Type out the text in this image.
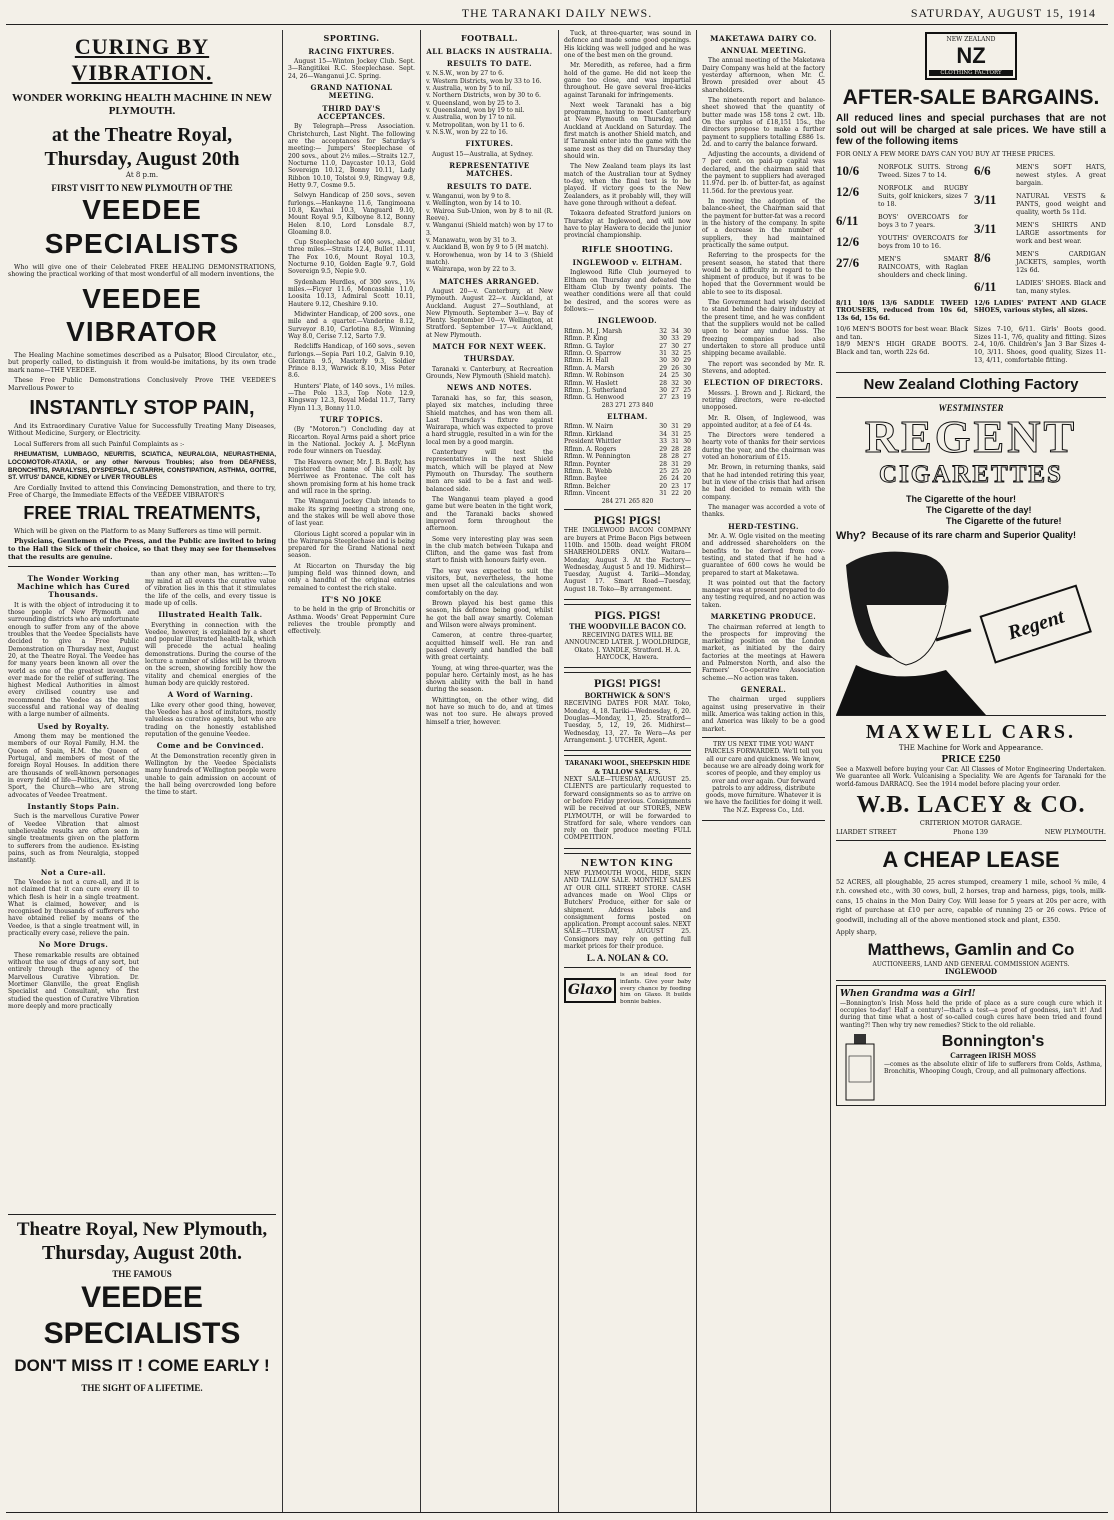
THE TARANAKI DAILY NEWS.	SATURDAY, AUGUST 15, 1914
CURING BY VIBRATION.
WONDER WORKING HEALTH MACHINE IN NEW PLYMOUTH.
at the Theatre Royal,
Thursday, August 20th
At 8 p.m.
FIRST VISIT TO NEW PLYMOUTH OF THE
VEEDEE SPECIALISTS

Who will give one of their Celebrated FREE HEALING DEMONSTRATIONS, showing the practical working of that most wonderful of all modern inventions, the

VEEDEE VIBRATOR

The Healing Machine sometimes described as a Pulsator, Blood Circulator, etc., but properly called, to distinguish it from would-be imitations, by its own trade mark name—THE VEEDEE.

These Free Public Demonstrations Conclusively Prove THE VEEDEE'S Marvellous Power to

INSTANTLY STOP PAIN,

And its Extraordinary Curative Value for Successfully Treating Many Diseases, Without Medicine, Surgery, or Electricity.

Local Sufferers from all such Painful Complaints as :-

RHEUMATISM, LUMBAGO, NEURITIS, SCIATICA, NEURALGIA, NEURASTHENIA, LOCOMOTOR-ATAXIA, or any other Nervous Troubles; also from DEAFNESS, BRONCHITIS, PARALYSIS, DYSPEPSIA, CATARRH, CONSTIPATION, ASTHMA, GOITRE, ST. VITUS' DANCE, KIDNEY or LIVER TROUBLES

Are Cordially Invited to attend this Convincing Demonstration, and there to try, Free of Charge, the Immediate Effects of the VEEDEE VIBRATOR'S

FREE TRIAL TREATMENTS,

Which will be given on the Platform to as Many Sufferers as time will permit.

Physicians, Gentlemen of the Press, and the Public are invited to bring to the Hall the Sick of their choice, so that they may see for themselves that the results are genuine.

The Wonder Working Machine which has Cured Thousands.

It is with the object of introducing it to those people of New Plymouth and surrounding districts who are unfortunate enough to suffer from any of the above troubles that the Veedee Specialists have decided to give a Free Public Demonstration on Thursday next, August 20, at the Theatre Royal. The Veedee has for many years been known all over the world as one of the greatest inventions ever made for the relief of suffering. The highest Medical Authorities in almost every civilised country use and recommend the Veedee as the most successful and rational way of dealing with a large number of ailments.

Used by Royalty.

Among them may be mentioned the members of our Royal Family, H.M. the Queen of Spain, H.M. the Queen of Portugal, and members of most of the foreign Royal Houses. In addition there are thousands of well-known personages in every field of life—Politics, Art, Music, Sport, the Church—who are strong advocates of Veedee Treatment.

Instantly Stops Pain.

Such is the marvellous Curative Power of Veedee Vibration that almost unbelievable results are often seen in single treatments given on the platform to sufferers from the audience. Ex-isting pains, such as from Neuralgia, stopped instantly.

Not a Cure-all.

The Veedee is not a cure-all, and it is not claimed that it can cure every ill to which flesh is heir in a single treatment. What is claimed, however, and is recognised by thousands of sufferers who have obtained relief by means of the Veedee, is that a single treatment will, in practically every case, relieve the pain.

No More Drugs.

These remarkable results are obtained without the use of drugs of any sort, but entirely through the agency of the Marvellous Curative Vibration. Dr. Mortimer Glanville, the great English Specialist and Consultant, who first studied the question of Curative Vibration more deeply and more practically

than any other man, has written:—To my mind at all events the curative value of vibration lies in this that it stimulates the life of the cells, and every tissue is made up of cells.

Illustrated Health Talk.

Everything in connection with the Veedee, however, is explained by a short and popular illustrated health-talk, which will precede the actual healing demonstrations. During the course of the lecture a number of slides will be thrown on the screen, showing forcibly how the vitality and chemical energies of the human body are quickly restored.

A Word of Warning.

Like every other good thing, however, the Veedee has a host of imitators, mostly valueless as curative agents, but who are trading on the honestly established reputation of the genuine Veedee.

Come and be Convinced.

At the Demonstration recently given in Wellington by the Veedee Specialists many hundreds of Wellington people were unable to gain admission on account of the hall being overcrowded long before the time to start.

Theatre Royal, New Plymouth,
Thursday, August 20th.
THE FAMOUS
VEEDEE SPECIALISTS
DON'T MISS IT ! COME EARLY !
THE SIGHT OF A LIFETIME.
SPORTING.
RACING FIXTURES.

August 15—Winton Jockey Club. Sept. 3—Rangitikei R.C. Steeplechase. Sept. 24, 26—Wanganui J.C. Spring.

GRAND NATIONAL MEETING.
THIRD DAY'S ACCEPTANCES.

By Telegraph—Press Association. Christchurch, Last Night. The following are the acceptances for Saturday's meeting:— Jumpers' Steeplechase of 200 sovs., about 2½ miles.—Straits 12.7, Nocturne 11.0, Daycaster 10.13, Gold Sovereign 10.12, Bonny 10.11, Lady Ribbon 10.10, Tolstoi 9.9, Ringway 9.8, Hetty 9.7, Cosme 9.5.

Selwyn Handicap of 250 sovs., seven furlongs.—Hankayne 11.6, Tangimoana 10.8, Kawhai 10.3, Vanguard 9.10, Mount Royal 9.5, Kilboyne 8.12, Bonny Helen 8.10, Lord Lonsdale 8.7, Gloaming 8.0.

Cup Steeplechase of 400 sovs., about three miles.—Straits 12.4, Bullet 11.11, The Fox 10.6, Mount Royal 10.3, Nocturne 9.10, Golden Eagle 9.7, Gold Sovereign 9.5, Nepie 9.0.

Sydenham Hurdles, of 300 sovs., 1¾ miles.—Ficyer 11.6, Moncasshie 11.0, Loosita 10.13, Admiral Scott 10.11, Hautere 9.12, Cheshire 9.10.

Midwinter Handicap, of 200 sovs., one mile and a quarter.—Vanderine 8.12, Surveyor 8.10, Carlotina 8.5, Winning Way 8.0, Cerise 7.12, Sarto 7.9.

Redcliffs Handicap, of 160 sovs., seven furlongs.—Sepia Pari 10.2, Galvin 9.10, Glentara 9.5, Masterly 9.3, Soldier Prince 8.13, Warwick 8.10, Miss Peter 8.6.

Hunters' Plate, of 140 sovs., 1½ miles.—The Pole 13.3, Top Note 12.9, Kingsway 12.3, Royal Medal 11.7, Tarry Flynn 11.3, Bonny 11.0.

TURF TOPICS.

(By "Motoron.") Concluding day at Riccarton. Royal Arms paid a short price in the National. Jockey A. J. McFlynn rode four winners on Tuesday.

The Hawera owner, Mr. J. B. Bayly, has registered the name of his colt by Merriwee as Frontenac. The colt has shown promising form at his home track and will race in the spring.

The Wanganui Jockey Club intends to make its spring meeting a strong one, and the stakes will be well above those of last year.

Glorious Light scored a popular win in the Wairarapa Steeplechase and is being prepared for the Grand National next season.

At Riccarton on Thursday the big jumping field was thinned down, and only a handful of the original entries remained to contest the rich stake.

IT'S NO JOKE

to be held in the grip of Bronchitis or Asthma. Woods' Great Peppermint Cure relieves the trouble promptly and effectively.

FOOTBALL.
ALL BLACKS IN AUSTRALIA.
RESULTS TO DATE.
v. N.S.W., won by 27 to 6.
v. Western Districts, won by 33 to 16.
v. Australia, won by 5 to nil.
v. Northern Districts, won by 30 to 6.
v. Queensland, won by 25 to 3.
v. Queensland, won by 19 to nil.
v. Australia, won by 17 to nil.
v. Metropolitan, won by 11 to 6.
v. N.S.W., won by 22 to 16.
FIXTURES.

August 15—Australia, at Sydney.

REPRESENTATIVE MATCHES.
RESULTS TO DATE.
v. Wanganui, won by 9 to 8.
v. Wellington, won by 14 to 10.
v. Wairoa Sub-Union, won by 8 to nil (R. Reeve).
v. Wanganui (Shield match) won by 17 to 3.
v. Manawatu, won by 31 to 3.
v. Auckland B, won by 9 to 5 (H match).
v. Horowhenua, won by 14 to 3 (Shield match).
v. Wairarapa, won by 22 to 3.
MATCHES ARRANGED.

August 20—v. Canterbury, at New Plymouth. August 22—v. Auckland, at Auckland. August 27—Southland, at New Plymouth. September 3—v. Bay of Plenty. September 10—v. Wellington, at Stratford. September 17—v. Auckland, at New Plymouth.

MATCH FOR NEXT WEEK.
THURSDAY.

Taranaki v. Canterbury, at Recreation Grounds, New Plymouth (Shield match).

NEWS AND NOTES.

Taranaki has, so far, this season, played six matches, including three Shield matches, and has won them all. Last Thursday's fixture against Wairarapa, which was expected to prove a hard struggle, resulted in a win for the local men by a good margin.

Canterbury will test the representatives in the next Shield match, which will be played at New Plymouth on Thursday. The southern men are said to be a fast and well-balanced side.

The Wanganui team played a good game but were beaten in the tight work, and the Taranaki backs showed improved form throughout the afternoon.

Some very interesting play was seen in the club match between Tukapa and Clifton, and the game was fast from start to finish with honours fairly even.

The way was expected to suit the visitors, but, nevertheless, the home men upset all the calculations and won comfortably on the day.

Brown played his best game this season, his defence being good, whilst he got the ball away smartly. Coleman and Wilson were always prominent.

Cameron, at centre three-quarter, acquitted himself well. He ran and passed cleverly and handled the ball with great certainty.

Young, at wing three-quarter, was the popular hero. Certainly most, as he has shown ability with the ball in hand during the season.

Whittington, on the other wing, did not have so much to do, and at times was not too sure. He always proved himself a trier, however.

Tuck, at three-quarter, was sound in defence and made some good openings. His kicking was well judged and he was one of the best men on the ground.

Mr. Meredith, as referee, had a firm hold of the game. He did not keep the game too close, and was impartial throughout. He gave several free-kicks against Taranaki for infringements.

Next week Taranaki has a big programme, having to meet Canterbury at New Plymouth on Thursday, and Auckland at Auckland on Saturday. The first match is another Shield match, and if Taranaki enter into the game with the same zest as they did on Thursday they should win.

The New Zealand team plays its last match of the Australian tour at Sydney to-day, when the final test is to be played. If victory goes to the New Zealanders, as it probably will, they will have gone through without a defeat.

Tokaora defeated Stratford juniors on Thursday at Inglewood, and will now have to play Hawera to decide the junior provincial championship.

RIFLE SHOOTING.
INGLEWOOD v. ELTHAM.

Inglewood Rifle Club journeyed to Eltham on Thursday and defeated the Eltham Club by twenty points. The weather conditions were all that could be desired, and the scores were as follows:—

INGLEWOOD.
Rflmn. M. J. Marsh	32 34 30
Rflmn. P. King	30 33 29
Rflmn. G. Taylor	27 30 27
Rflmn. O. Sparrow	31 32 25
Rflmn. H. Hall	30 30 29
Rflmn. A. Marsh	29 26 30
Rflmn. W. Robinson	24 25 30
Rflmn. W. Haslett	28 32 30
Rflmn. J. Sutherland	30 27 25
Rflmn. G. Henwood	27 23 19
283 271 273 840
ELTHAM.
Rflmn. W. Nairn	30 31 29
Rflmn. Kirkland	34 31 25
President Whittler	33 31 30
Rflmn. A. Rogers	29 28 28
Rflmn. W. Pennington	28 28 27
Rflmn. Poynter	28 31 29
Rflmn. R. Webb	25 25 20
Rflmn. Baylee	26 24 20
Rflmn. Belcher	20 23 17
Rflmn. Vincent	31 22 20
284 271 265 820
PIGS! PIGS!

THE INGLEWOOD BACON COMPANY are buyers at Prime Bacon Pigs between 110lb. and 150lb. dead weight FROM SHAREHOLDERS ONLY. Waitara—Monday, August 3. At the Factory—Wednesday, August 5 and 19. Midhirst—Tuesday, August 4. Tariki—Monday, August 17. Smart Road—Tuesday, August 18. Toko—By arrangement.

PIGS. PIGS!
THE WOODVILLE BACON CO.

RECEIVING DATES WILL BE ANNOUNCED LATER. J. WOOLDRIDGE, Okato. J. YANDLE, Stratford. H. A. HAYCOCK, Hawera.

PIGS! PIGS!
BORTHWICK & SON'S

RECEIVING DATES FOR MAY. Toko, Monday, 4, 18. Tariki—Wednesday, 6, 20. Douglas—Monday, 11, 25. Stratford—Tuesday, 5, 12, 19, 26. Midhirst—Wednesday, 13, 27. Te Wera—As per Arrangement. J. UTCHER, Agent.

TARANAKI WOOL, SHEEPSKIN HIDE & TALLOW SALE'S.

NEXT SALE—TUESDAY, AUGUST 25. CLIENTS are particularly requested to forward consignments so as to arrive on or before Friday previous. Consignments will be received at our STORES, NEW PLYMOUTH, or will be forwarded to Stratford for sale, where vendors can rely on their produce meeting FULL COMPETITION.

NEWTON KING

NEW PLYMOUTH WOOL, HIDE, SKIN AND TALLOW SALE. MONTHLY SALES AT OUR GILL STREET STORE. CASH advances made on Wool Clips or Butchers' Produce, either for sale or shipment. Address labels and consignment forms posted on application. Prompt account sales. NEXT SALE—TUESDAY, AUGUST 25. Consignors may rely on getting full market prices for their produce.

L. A. NOLAN & CO.
Glaxo

is an ideal food for infants. Give your baby every chance by feeding him on Glaxo. It builds bonnie babies.

MAKETAWA DAIRY CO.
ANNUAL MEETING.

The annual meeting of the Maketawa Dairy Company was held at the factory yesterday afternoon, when Mr. C. Brown presided over about 45 shareholders.

The nineteenth report and balance-sheet showed that the quantity of butter made was 158 tons 2 cwt. 1lb. On the surplus of £18,151 15s., the directors propose to make a further payment to suppliers totalling £886 1s. 2d. and to carry the balance forward.

Adjusting the accounts, a dividend of 7 per cent. on paid-up capital was declared, and the chairman said that the payment to suppliers had averaged 11.97d. per lb. of butter-fat, as against 11.56d. for the previous year.

In moving the adoption of the balance-sheet, the Chairman said that the payment for butter-fat was a record in the history of the company. In spite of a decrease in the number of suppliers, they had maintained practically the same output.

Referring to the prospects for the present season, he stated that there would be a difficulty in regard to the shipment of produce, but it was to be hoped that the Government would be able to see to its disposal.

The Government had wisely decided to stand behind the dairy industry at the present time, and he was confident that the suppliers would not be called upon to bear any undue loss. The freezing companies had also undertaken to store all produce until shipping became available.

The report was seconded by Mr. R. Stevens, and adopted.

ELECTION OF DIRECTORS.

Messrs. J. Brown and J. Rickard, the retiring directors, were re-elected unopposed.

Mr. R. Olsen, of Inglewood, was appointed auditor, at a fee of £4 4s.

The Directors were tendered a hearty vote of thanks for their services during the year, and the chairman was voted an honorarium of £15.

Mr. Brown, in returning thanks, said that he had intended retiring this year, but in view of the crisis that had arisen he had decided to remain with the company.

The manager was accorded a vote of thanks.

HERD-TESTING.

Mr. A. W. Ogle visited on the meeting and addressed shareholders on the benefits to be derived from cow-testing, and stated that if he had a guarantee of 600 cows he would be prepared to start at Maketawa.

It was pointed out that the factory manager was at present prepared to do any testing required, and no action was taken.

MARKETING PRODUCE.

The chairman referred at length to the prospects for improving the marketing position on the London market, as initiated by the dairy factories at the meetings at Hawera and Palmerston North, and also the Farmers' Co-operative Association scheme.—No action was taken.

GENERAL.

The chairman urged suppliers against using preservative in their milk. America was taking action in this, and America was likely to be a good market.

TRY US NEXT TIME YOU WANT PARCELS FORWARDED. We'll tell you all our care and quickness. We know, because we are already doing work for scores of people, and they employ us over and over again. Our forward patrols to any address, distribute goods, move furniture. Whatever it is we have the facilities for doing it well. The N.Z. Express Co., Ltd.

NEW ZEALAND
NZ
CLOTHING FACTORY
AFTER-SALE BARGAINS.
All reduced lines and special purchases that are not sold out will be charged at sale prices. We have still a few of the following items
FOR ONLY A FEW MORE DAYS CAN YOU BUY AT THESE PRICES.
10/6	NORFOLK SUITS. Strong Tweed. Sizes 7 to 14.
12/6	NORFOLK and RUGBY Suits, golf knickers, sizes 7 to 18.
6/11	BOYS' OVERCOATS for boys 3 to 7 years.
12/6	YOUTHS' OVERCOATS for boys from 10 to 16.
27/6	MEN'S SMART RAINCOATS, with Raglan shoulders and check lining.
6/6	MEN'S SOFT HATS, newest styles. A great bargain.
3/11	NATURAL VESTS & PANTS, good weight and quality, worth 5s 11d.
3/11	MEN'S SHIRTS AND LARGE assortments for work and best wear.
8/6	MEN'S CARDIGAN JACKETS, samples, worth 12s 6d.
6/11	LADIES' SHOES. Black and tan, many styles.
8/11 10/6 13/6 SADDLE TWEED TROUSERS, reduced from 10s 6d, 13s 6d, 15s 6d.
12/6 LADIES' PATENT AND GLACE SHOES, various styles, all sizes.
10/6 MEN'S BOOTS for best wear. Black and tan.
18/9 MEN'S HIGH GRADE BOOTS. Black and tan, worth 22s 6d.
Sizes 7-10, 6/11. Girls' Boots good. Sizes 11-1, 7/6, quality and fitting. Sizes 2-4, 10/6. Children's Jan 3 Bar Sizes 4-10, 3/11. Shoes, good quality, Sizes 11-13, 4/11, comfortable fitting.
New Zealand Clothing Factory
WESTMINSTER
REGENT
CIGARETTES
The Cigarette of the hour!
The Cigarette of the day!
The Cigarette of the future!
Why? Because of its rare charm and Superior Quality!
Regent
MAXWELL CARS.
THE Machine for Work and Appearance.
PRICE £250

See a Maxwell before buying your Car. All Classes of Motor Engineering Undertaken. We guarantee all Work. Vulcanising a Speciality. We are Agents for Taranaki for the world-famous DARRACQ. See the 1914 model before placing your order.

W.B. LACEY & CO.
CRITERION MOTOR GARAGE.
LIARDET STREET	Phone 139	NEW PLYMOUTH.
A CHEAP LEASE

52 ACRES, all ploughable, 25 acres stumped, creamery 1 mile, school ¾ mile, 4 r.h. cowshed etc., with 30 cows, bull, 2 horses, trap and harness, pigs, tools, milk-cans, 15 chains in the Mon Dairy Coy. Will lease for 5 years at 20s per acre, with right of purchase at £10 per acre, capable of running 25 or 26 cows. Price of goodwill, including all of the above mentioned stock and plant, £350.

Apply sharp,
Matthews, Gamlin and Co
AUCTIONEERS, LAND AND GENERAL COMMISSION AGENTS.
INGLEWOOD
When Grandma was a Girl!

—Bonnington's Irish Moss held the pride of place as a sure cough cure which it occupies to-day! Half a century!—that's a test—a proof of goodness, isn't it! And during that time what a host of so-called cough cures have been tried and found wanting?! Then why try new remedies? Stick to the old reliable.

Bonnington's
Carrageen IRISH MOSS

—comes as the absolute elixir of life to sufferers from Colds, Asthma, Bronchitis, Whooping Cough, Croup, and all pulmonary affections.
